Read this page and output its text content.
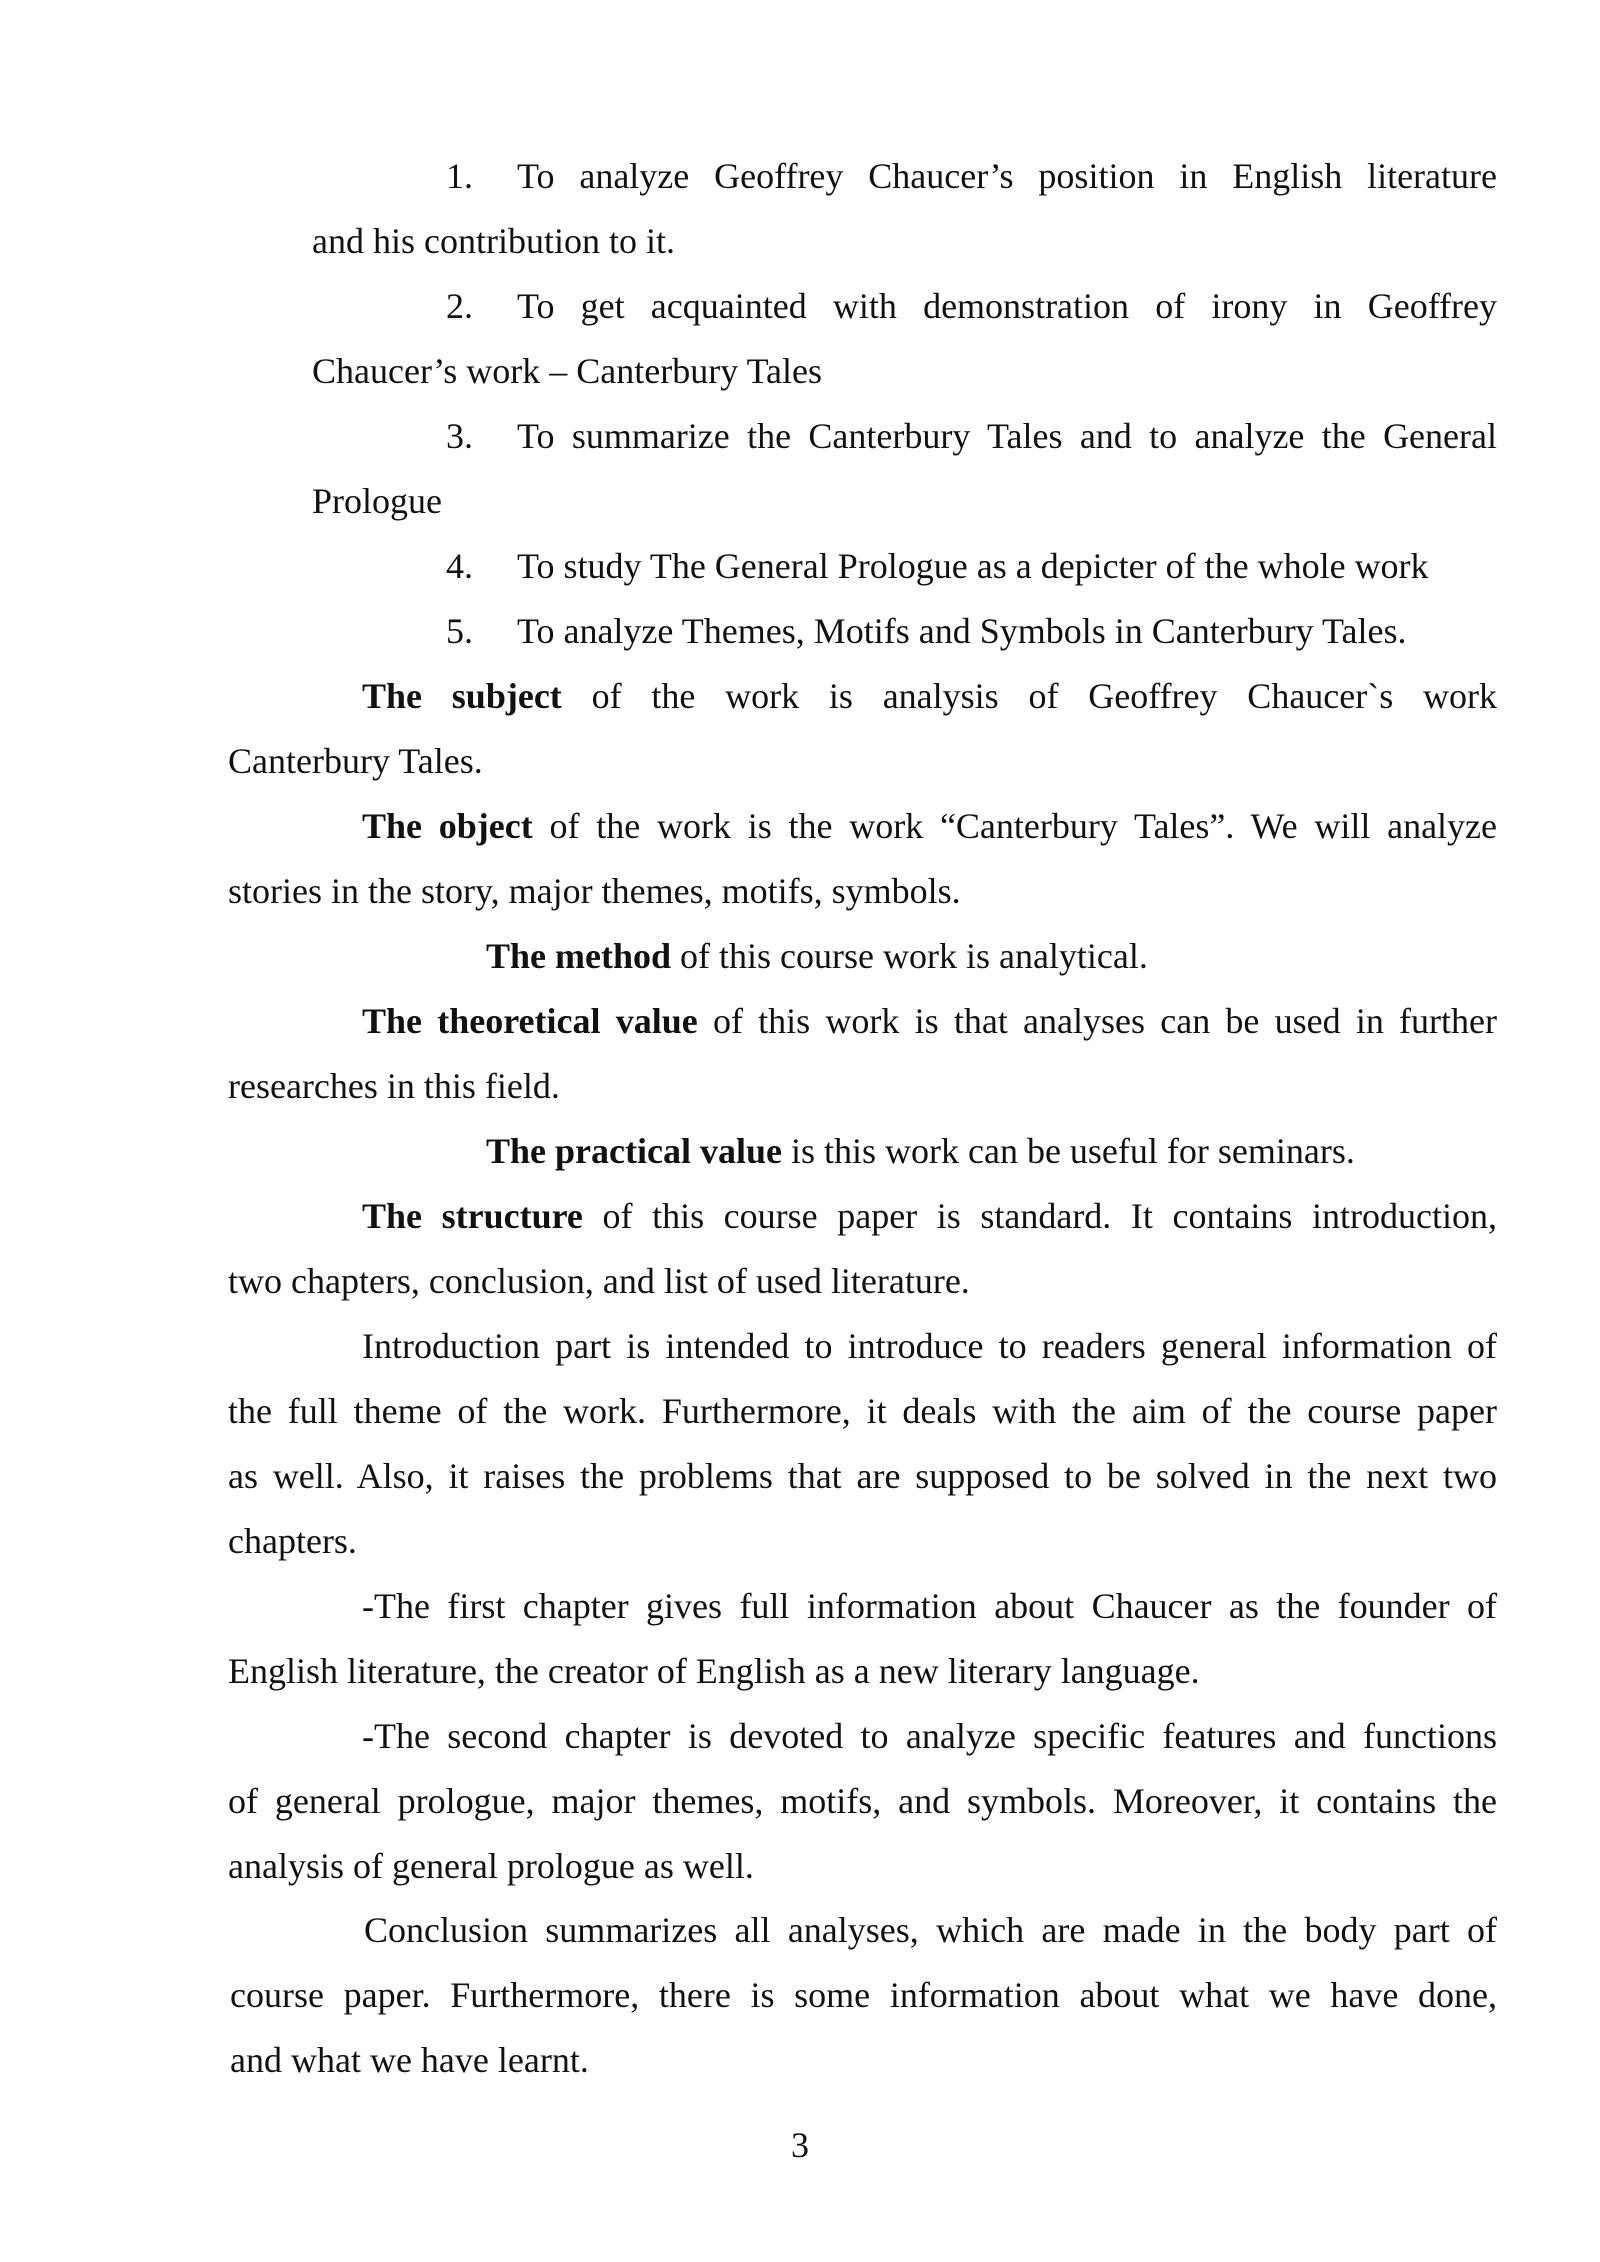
1. To analyze Geoffrey Chaucer’s position in English literature
and his contribution to it.
2. To get acquainted with demonstration of irony in Geoffrey
Chaucer’s work – Canterbury Tales
3. To summarize the Canterbury Tales and to analyze the General
Prologue
4. To study The General Prologue as a depicter of the whole work
5. To analyze Themes, Motifs and Symbols in Canterbury Tales.
The subject of the work is analysis of Geoffrey Chaucer`s work
Canterbury Tales.
The object of the work is the work “Canterbury Tales”. We will analyze
stories in the story, major themes, motifs, symbols.
The method of this course work is analytical.
The theoretical value of this work is that analyses can be used in further
researches in this field.
The practical value is this work can be useful for seminars.
The structure of this course paper is standard. It contains introduction,
two chapters, conclusion, and list of used literature.
Introduction part is intended to introduce to readers general information of
the full theme of the work. Furthermore, it deals with the aim of the course paper
as well. Also, it raises the problems that are supposed to be solved in the next two
chapters.
-The first chapter gives full information about Chaucer as the founder of
English literature, the creator of English as a new literary language.
-The second chapter is devoted to analyze specific features and functions
of general prologue, major themes, motifs, and symbols. Moreover, it contains the
analysis of general prologue as well.
Conclusion summarizes all analyses, which are made in the body part of
course paper. Furthermore, there is some information about what we have done,
and what we have learnt.
3
